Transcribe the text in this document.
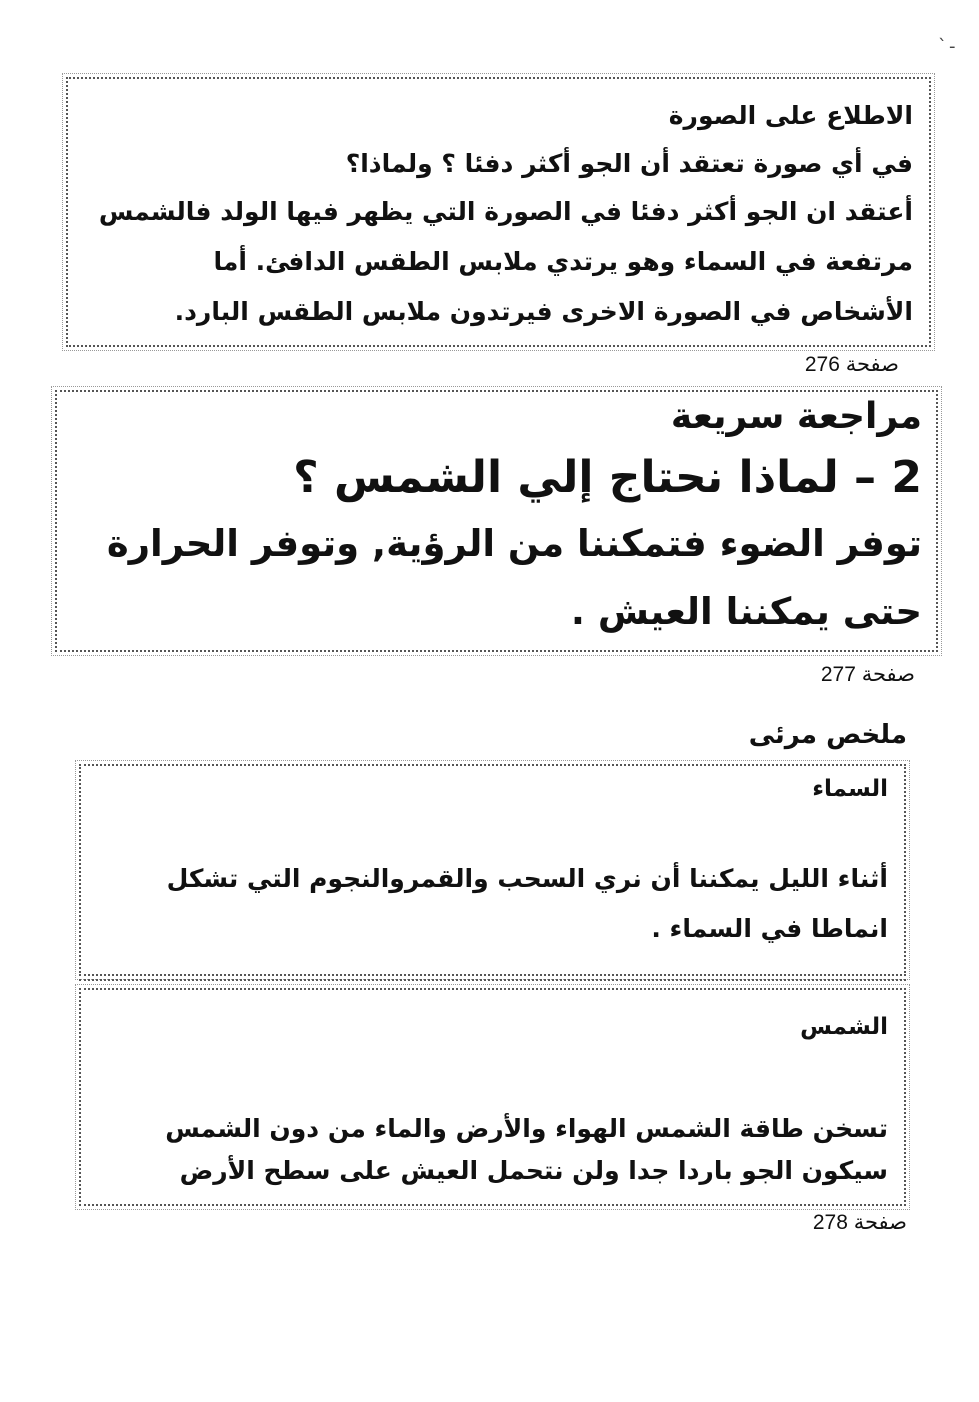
-`
الاطلاع على الصورة
في أي صورة تعتقد أن الجو أكثر دفئا ؟ ولماذا؟
أعتقد ان الجو أكثر دفئا في الصورة التي يظهر فيها الولد فالشمس
مرتفعة في السماء وهو يرتدي ملابس الطقس الدافئ. أما
الأشخاص في الصورة الاخرى فيرتدون ملابس الطقس البارد.
صفحة 276
مراجعة سريعة
2 – لماذا نحتاج إلي الشمس ؟
توفر الضوء فتمكننا من الرؤية, وتوفر الحرارة
حتى يمكننا العيش .
صفحة 277
ملخص مرئى
السماء
أثناء الليل يمكننا أن نري السحب والقمروالنجوم التي تشكل
انماطا في السماء .
الشمس
تسخن طاقة الشمس الهواء والأرض والماء من دون الشمس
سيكون الجو باردا جدا ولن نتحمل العيش على سطح الأرض
صفحة 278
